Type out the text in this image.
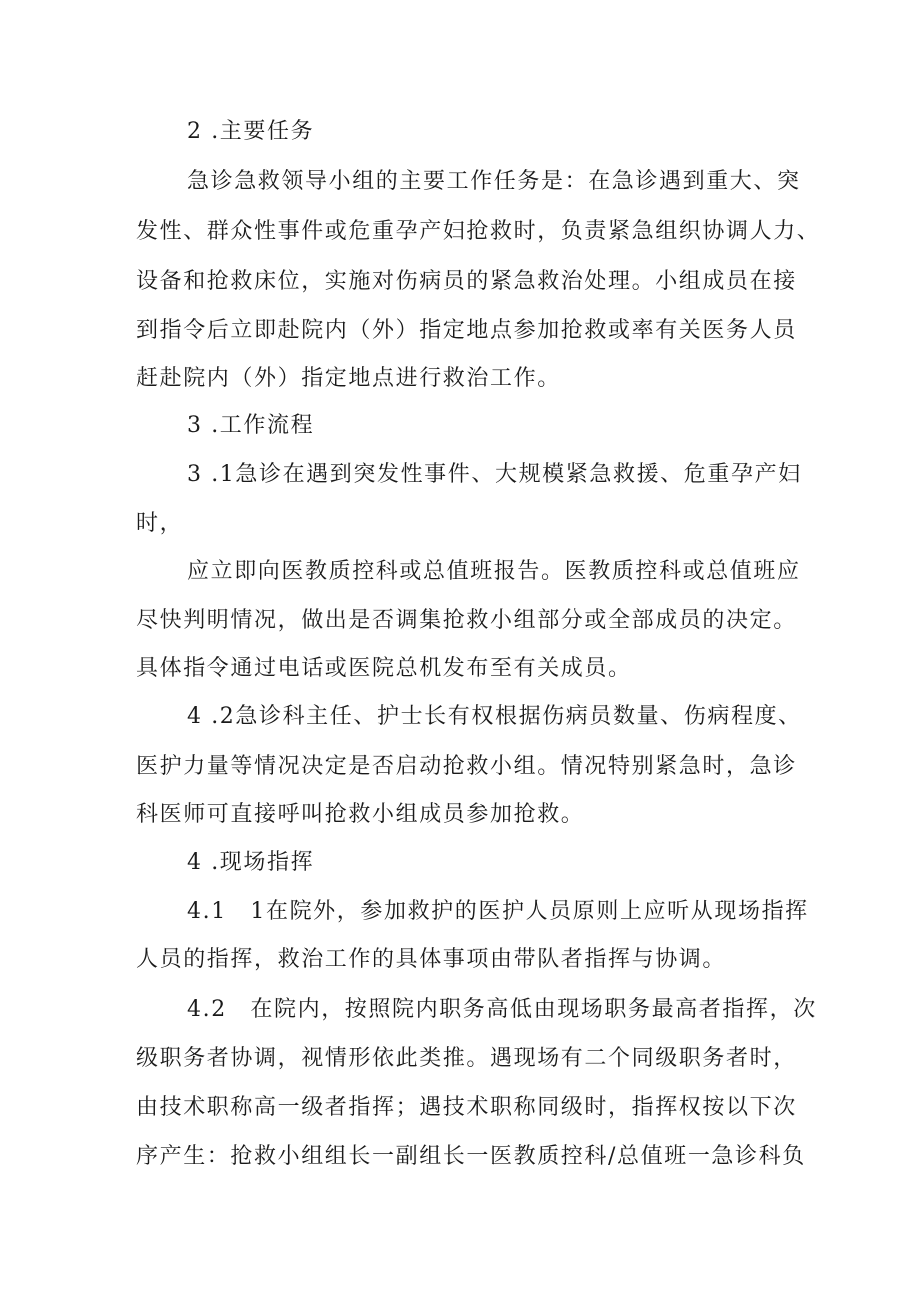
2 .主要任务
急诊急救领导小组的主要工作任务是：在急诊遇到重大、突
发性、群众性事件或危重孕产妇抢救时，负责紧急组织协调人力、
设备和抢救床位，实施对伤病员的紧急救治处理。小组成员在接
到指令后立即赴院内（外）指定地点参加抢救或率有关医务人员
赶赴院内（外）指定地点进行救治工作。
3 .工作流程
3 .1急诊在遇到突发性事件、大规模紧急救援、危重孕产妇
时，
应立即向医教质控科或总值班报告。医教质控科或总值班应
尽快判明情况，做出是否调集抢救小组部分或全部成员的决定。
具体指令通过电话或医院总机发布至有关成员。
4 .2急诊科主任、护士长有权根据伤病员数量、伤病程度、
医护力量等情况决定是否启动抢救小组。情况特别紧急时，急诊
科医师可直接呼叫抢救小组成员参加抢救。
4 .现场指挥
4.1　1在院外，参加救护的医护人员原则上应听从现场指挥
人员的指挥，救治工作的具体事项由带队者指挥与协调。
4.2　在院内，按照院内职务高低由现场职务最高者指挥，次
级职务者协调，视情形依此类推。遇现场有二个同级职务者时，
由技术职称高一级者指挥；遇技术职称同级时，指挥权按以下次
序产生：抢救小组组长一副组长一医教质控科/总值班一急诊科负
